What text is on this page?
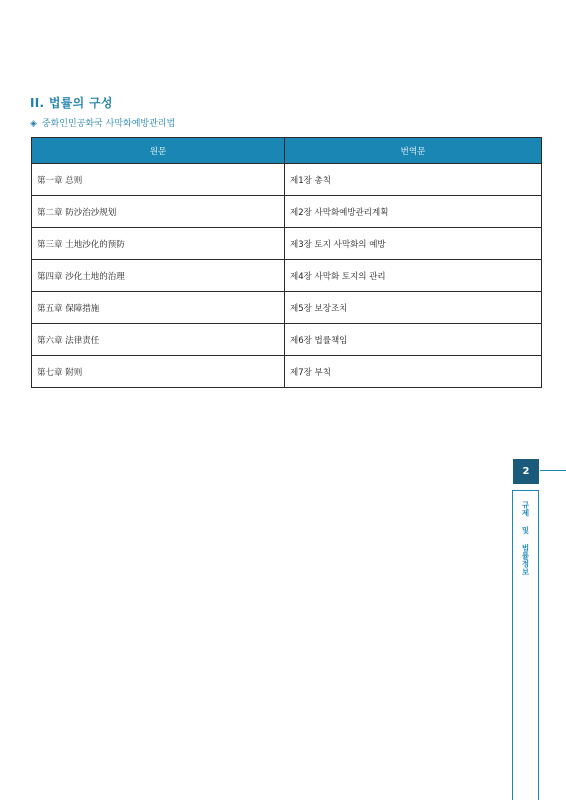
II. 법률의 구성
◈ 중화인민공화국 사막화예방관리법
원문	번역문
第一章 总则	제1장 총칙
第二章 防沙治沙规划	제2장 사막화예방관리계획
第三章 土地沙化的预防	제3장 토지 사막화의 예방
第四章 沙化土地的治理	제4장 사막화 토지의 관리
第五章 保障措施	제5장 보장조치
第六章 法律责任	제6장 법률책임
第七章 附则	제7장 부칙
2
규제 및 법률정보
